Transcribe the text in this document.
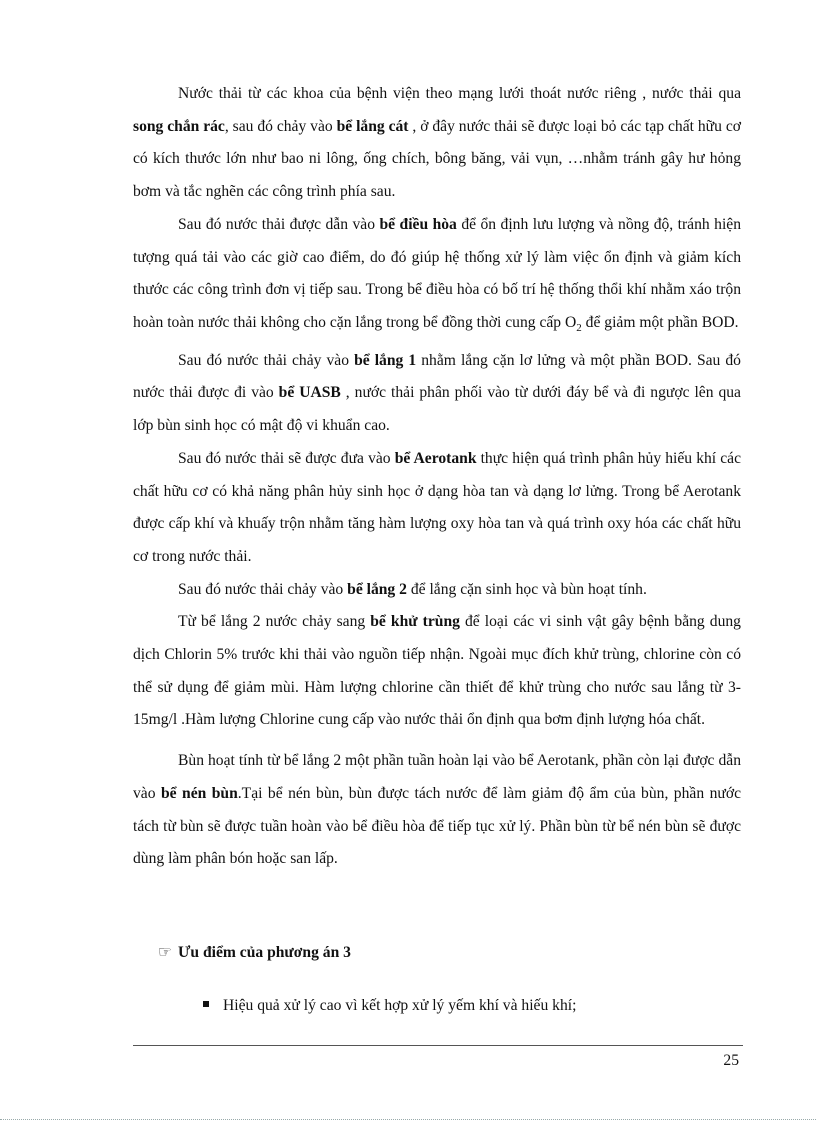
Nước thải từ các khoa của bệnh viện theo mạng lưới thoát nước riêng , nước thải qua song chắn rác, sau đó chảy vào bể lắng cát , ở đây nước thải sẽ được loại bỏ các tạp chất hữu cơ có kích thước lớn như bao ni lông, ống chích, bông băng, vải vụn, …nhằm tránh gây hư hỏng bơm và tắc nghẽn các công trình phía sau.

Sau đó nước thải được dẫn vào bể điều hòa để ổn định lưu lượng và nồng độ, tránh hiện tượng quá tải vào các giờ cao điểm, do đó giúp hệ thống xử lý làm việc ổn định và giảm kích thước các công trình đơn vị tiếp sau. Trong bể điều hòa có bố trí hệ thống thổi khí nhằm xáo trộn hoàn toàn nước thải không cho cặn lắng trong bể đồng thời cung cấp $O_2$ để giảm một phần BOD.

Sau đó nước thải chảy vào bể lắng 1 nhằm lắng cặn lơ lửng và một phần BOD. Sau đó nước thải được đi vào bể UASB , nước thải phân phối vào từ dưới đáy bể và đi ngược lên qua lớp bùn sinh học có mật độ vi khuẩn cao.

Sau đó nước thải sẽ được đưa vào bể Aerotank thực hiện quá trình phân hủy hiếu khí các chất hữu cơ có khả năng phân hủy sinh học ở dạng hòa tan và dạng lơ lửng. Trong bể Aerotank được cấp khí và khuấy trộn nhằm tăng hàm lượng oxy hòa tan và quá trình oxy hóa các chất hữu cơ trong nước thải.

Sau đó nước thải chảy vào bể lắng 2 để lắng cặn sinh học và bùn hoạt tính.

Từ bể lắng 2 nước chảy sang bể khử trùng để loại các vi sinh vật gây bệnh bằng dung dịch Chlorin 5% trước khi thải vào nguồn tiếp nhận. Ngoài mục đích khử trùng, chlorine còn có thể sử dụng để giảm mùi. Hàm lượng chlorine cần thiết để khử trùng cho nước sau lắng từ 3-15mg/l .Hàm lượng Chlorine cung cấp vào nước thải ổn định qua bơm định lượng hóa chất.

Bùn hoạt tính từ bể lắng 2 một phần tuần hoàn lại vào bể Aerotank, phần còn lại được dẫn vào bể nén bùn.Tại bể nén bùn, bùn được tách nước để làm giảm độ ẩm của bùn, phần nước tách từ bùn sẽ được tuần hoàn vào bể điều hòa để tiếp tục xử lý. Phần bùn từ bể nén bùn sẽ được dùng làm phân bón hoặc san lấp.

☞ Ưu điểm của phương án 3
Hiệu quả xử lý cao vì kết hợp xử lý yếm khí và hiếu khí;
25
